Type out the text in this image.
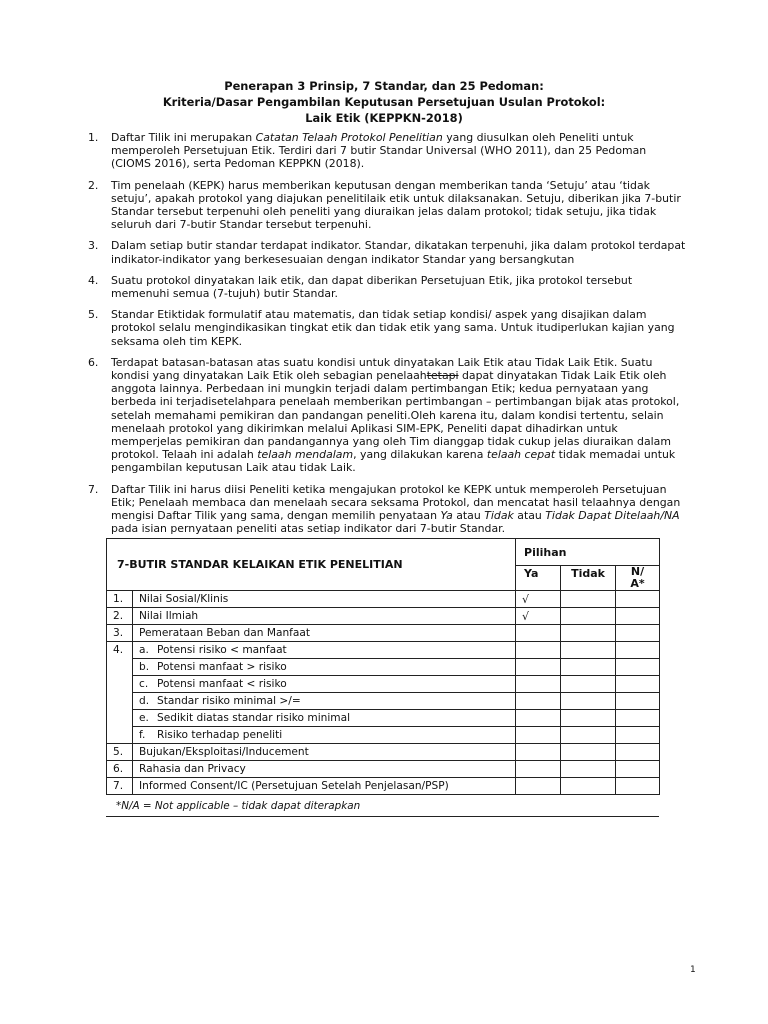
Penerapan 3 Prinsip, 7 Standar, dan 25 Pedoman:
Kriteria/Dasar Pengambilan Keputusan Persetujuan Usulan Protokol:
Laik Etik (KEPPKN-2018)
1. Daftar Tilik ini merupakan Catatan Telaah Protokol Penelitian yang diusulkan oleh Peneliti untuk memperoleh Persetujuan Etik. Terdiri dari 7 butir Standar Universal (WHO 2011), dan 25 Pedoman (CIOMS 2016), serta Pedoman KEPPKN (2018).
2. Tim penelaah (KEPK) harus memberikan keputusan dengan memberikan tanda ‘Setuju’ atau ‘tidak setuju’, apakah protokol yang diajukan penelitilaik etik untuk dilaksanakan. Setuju, diberikan jika 7-butir Standar tersebut terpenuhi oleh peneliti yang diuraikan jelas dalam protokol; tidak setuju, jika tidak seluruh dari 7-butir Standar tersebut terpenuhi.
3. Dalam setiap butir standar terdapat indikator. Standar, dikatakan terpenuhi, jika dalam protokol terdapat indikator-indikator yang berkesesuaian dengan indikator Standar yang bersangkutan
4. Suatu protokol dinyatakan laik etik, dan dapat diberikan Persetujuan Etik, jika protokol tersebut memenuhi semua (7-tujuh) butir Standar.
5. Standar Etiktidak formulatif atau matematis, dan tidak setiap kondisi/ aspek yang disajikan dalam protokol selalu mengindikasikan tingkat etik dan tidak etik yang sama. Untuk itudiperlukan kajian yang seksama oleh tim KEPK.
6. Terdapat batasan-batasan atas suatu kondisi untuk dinyatakan Laik Etik atau Tidak Laik Etik. Suatu kondisi yang dinyatakan Laik Etik oleh sebagian penelaahtetapi dapat dinyatakan Tidak Laik Etik oleh anggota lainnya. Perbedaan ini mungkin terjadi dalam pertimbangan Etik; kedua pernyataan yang berbeda ini terjadisetelahpara penelaah memberikan pertimbangan – pertimbangan bijak atas protokol, setelah memahami pemikiran dan pandangan peneliti.Oleh karena itu, dalam kondisi tertentu, selain menelaah protokol yang dikirimkan melalui Aplikasi SIM-EPK, Peneliti dapat dihadirkan untuk memperjelas pemikiran dan pandangannya yang oleh Tim dianggap tidak cukup jelas diuraikan dalam protokol. Telaah ini adalah telaah mendalam, yang dilakukan karena telaah cepat tidak memadai untuk pengambilan keputusan Laik atau tidak Laik.
7. Daftar Tilik ini harus diisi Peneliti ketika mengajukan protokol ke KEPK untuk memperoleh Persetujuan Etik; Penelaah membaca dan menelaah secara seksama Protokol, dan mencatat hasil telaahnya dengan mengisi Daftar Tilik yang sama, dengan memilih penyataan Ya atau Tidak atau Tidak Dapat Ditelaah/NA pada isian pernyataan peneliti atas setiap indikator dari 7-butir Standar.
7-BUTIR STANDAR KELAIKAN ETIK PENELITIAN		Pilihan		
		Ya	Tidak	N/ A*
1.	Nilai Sosial/Klinis	√		
2.	Nilai Ilmiah	√		
3.	Pemerataan Beban dan Manfaat			
4.	a. Potensi risiko < manfaat			
	b. Potensi manfaat > risiko			
	c. Potensi manfaat < risiko			
	d. Standar risiko minimal >/=			
	e. Sedikit diatas standar risiko minimal			
	f. Risiko terhadap peneliti			
5.	Bujukan/Eksploitasi/Inducement			
6.	Rahasia dan Privacy			
7.	Informed Consent/IC (Persetujuan Setelah Penjelasan/PSP)			
*N/A = Not applicable – tidak dapat diterapkan
1
